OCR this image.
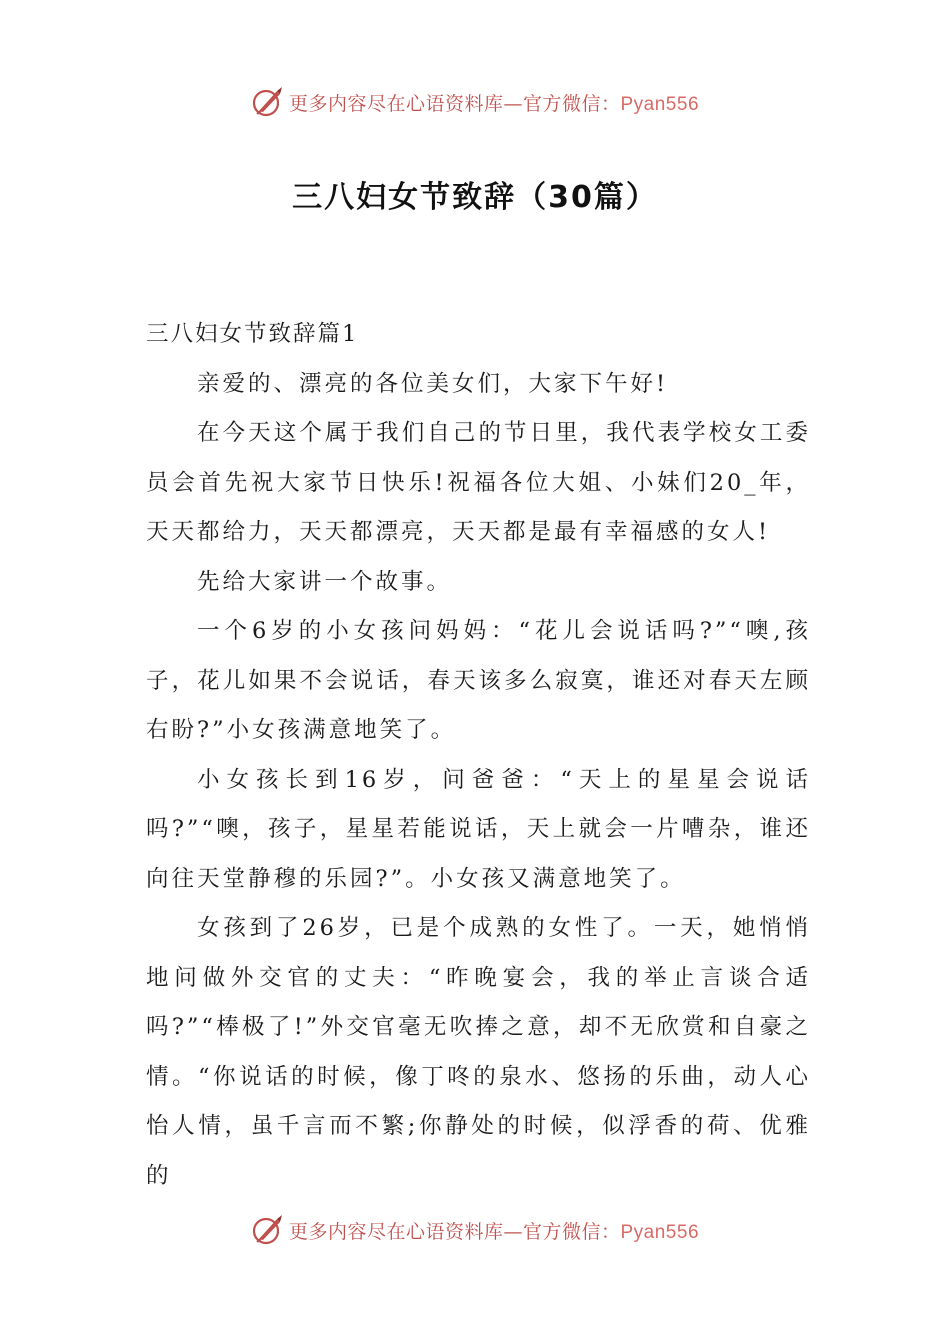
更多内容尽在心语资料库—官方微信：Pyan556
三八妇女节致辞（30篇）

三八妇女节致辞篇1

亲爱的、漂亮的各位美女们，大家下午好!

在今天这个属于我们自己的节日里，我代表学校女工委员会首先祝大家节日快乐!祝福各位大姐、小妹们20_年，天天都给力，天天都漂亮，天天都是最有幸福感的女人!

先给大家讲一个故事。

一个6岁的小女孩问妈妈：“花儿会说话吗?”“噢,孩子，花儿如果不会说话，春天该多么寂寞，谁还对春天左顾右盼?”小女孩满意地笑了。

小女孩长到16岁，问爸爸：“天上的星星会说话吗?”“噢，孩子，星星若能说话，天上就会一片嘈杂，谁还向往天堂静穆的乐园?”。小女孩又满意地笑了。

女孩到了26岁，已是个成熟的女性了。一天，她悄悄地问做外交官的丈夫：“昨晚宴会，我的举止言谈合适吗?”“棒极了!”外交官毫无吹捧之意，却不无欣赏和自豪之情。“你说话的时候，像丁咚的泉水、悠扬的乐曲，动人心怡人情，虽千言而不繁;你静处的时候，似浮香的荷、优雅的

更多内容尽在心语资料库—官方微信：Pyan556
